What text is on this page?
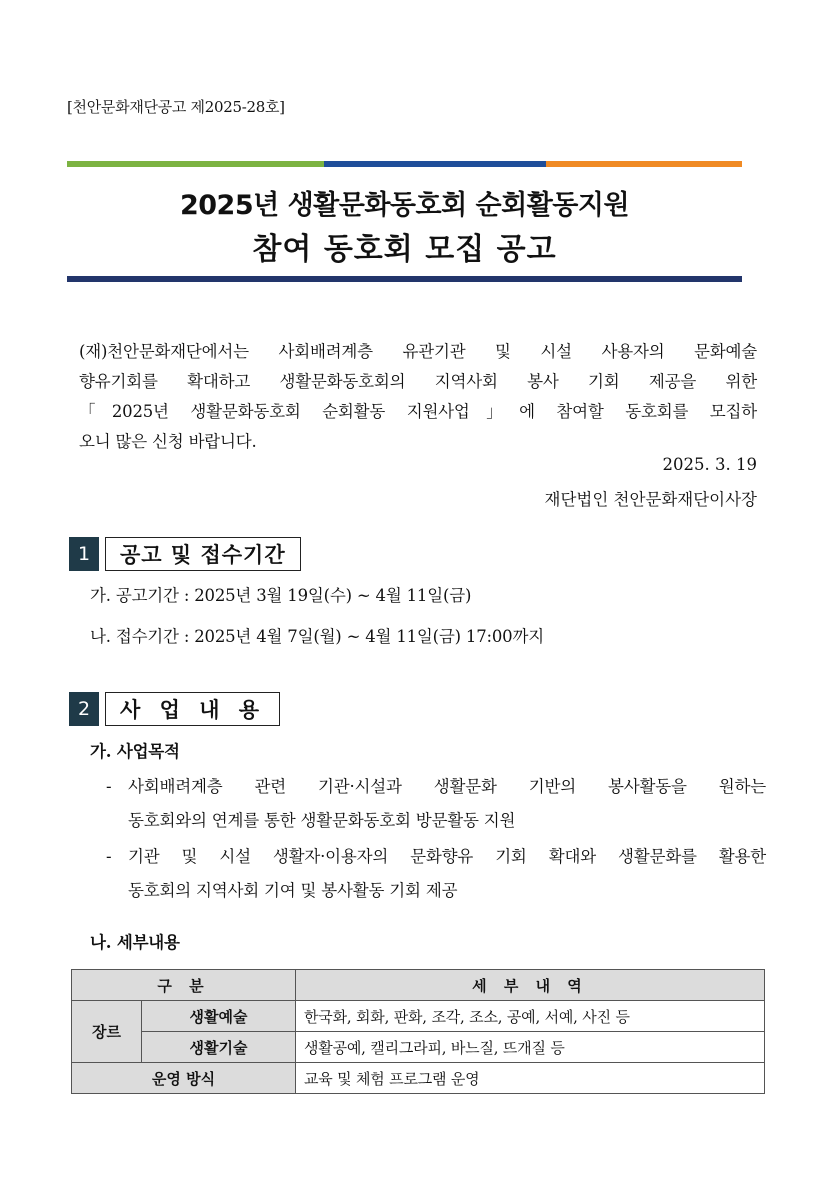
[천안문화재단공고 제2025-28호]
2025년 생활문화동호회 순회활동지원
참여 동호회 모집 공고
(재)천안문화재단에서는 사회배려계층 유관기관 및 시설 사용자의 문화예술
향유기회를 확대하고 생활문화동호회의 지역사회 봉사 기회 제공을 위한
「2025년 생활문화동호회 순회활동 지원사업」에 참여할 동호회를 모집하
오니 많은 신청 바랍니다.
2025. 3. 19
재단법인 천안문화재단이사장
1	공고 및 접수기간
가. 공고기간 : 2025년 3월 19일(수) ~ 4월 11일(금)
나. 접수기간 : 2025년 4월 7일(월) ~ 4월 11일(금) 17:00까지
2	사 업 내 용
가. 사업목적
- 사회배려계층 관련 기관·시설과 생활문화 기반의 봉사활동을 원하는
동호회와의 연계를 통한 생활문화동호회 방문활동 지원
- 기관 및 시설 생활자·이용자의 문화향유 기회 확대와 생활문화를 활용한
동호회의 지역사회 기여 및 봉사활동 기회 제공
나. 세부내용
구 분		세 부 내 역
장르	생활예술	한국화, 회화, 판화, 조각, 조소, 공예, 서예, 사진 등
	생활기술	생활공예, 캘리그라피, 바느질, 뜨개질 등
운영 방식		교육 및 체험 프로그램 운영
